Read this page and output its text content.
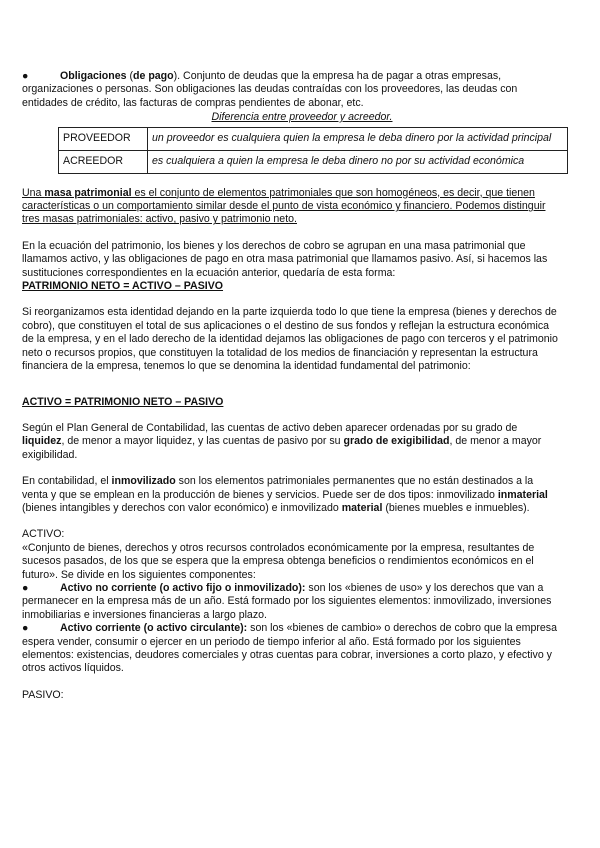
●	Obligaciones (de pago). Conjunto de deudas que la empresa ha de pagar a otras empresas,

organizaciones o personas. Son obligaciones las deudas contraídas con los proveedores, las deudas con

entidades de crédito, las facturas de compras pendientes de abonar, etc.

Diferencia entre proveedor y acreedor.

PROVEEDOR	un proveedor es cualquiera quien la empresa le deba dinero por la actividad principal
ACREEDOR	es cualquiera a quien la empresa le deba dinero no por su actividad económica

Una masa patrimonial es el conjunto de elementos patrimoniales que son homogéneos, es decir, que tienen

características o un comportamiento similar desde el punto de vista económico y financiero. Podemos distinguir

tres masas patrimoniales: activo, pasivo y patrimonio neto.

En la ecuación del patrimonio, los bienes y los derechos de cobro se agrupan en una masa patrimonial que

llamamos activo, y las obligaciones de pago en otra masa patrimonial que llamamos pasivo. Así, si hacemos las

sustituciones correspondientes en la ecuación anterior, quedaría de esta forma:

PATRIMONIO NETO = ACTIVO – PASIVO

Si reorganizamos esta identidad dejando en la parte izquierda todo lo que tiene la empresa (bienes y derechos de

cobro), que constituyen el total de sus aplicaciones o el destino de sus fondos y reflejan la estructura económica

de la empresa, y en el lado derecho de la identidad dejamos las obligaciones de pago con terceros y el patrimonio

neto o recursos propios, que constituyen la totalidad de los medios de financiación y representan la estructura

financiera de la empresa, tenemos lo que se denomina la identidad fundamental del patrimonio:

ACTIVO = PATRIMONIO NETO – PASIVO

Según el Plan General de Contabilidad, las cuentas de activo deben aparecer ordenadas por su grado de

liquidez, de menor a mayor liquidez, y las cuentas de pasivo por su grado de exigibilidad, de menor a mayor

exigibilidad.

En contabilidad, el inmovilizado son los elementos patrimoniales permanentes que no están destinados a la

venta y que se emplean en la producción de bienes y servicios. Puede ser de dos tipos: inmovilizado inmaterial

(bienes intangibles y derechos con valor económico) e inmovilizado material (bienes muebles e inmuebles).

ACTIVO:

«Conjunto de bienes, derechos y otros recursos controlados económicamente por la empresa, resultantes de

sucesos pasados, de los que se espera que la empresa obtenga beneficios o rendimientos económicos en el

futuro». Se divide en los siguientes componentes:

●	Activo no corriente (o activo fijo o inmovilizado): son los «bienes de uso» y los derechos que van a

permanecer en la empresa más de un año. Está formado por los siguientes elementos: inmovilizado, inversiones

inmobiliarias e inversiones financieras a largo plazo.

●	Activo corriente (o activo circulante): son los «bienes de cambio» o derechos de cobro que la empresa

espera vender, consumir o ejercer en un periodo de tiempo inferior al año. Está formado por los siguientes

elementos: existencias, deudores comerciales y otras cuentas para cobrar, inversiones a corto plazo, y efectivo y

otros activos líquidos.

PASIVO:
